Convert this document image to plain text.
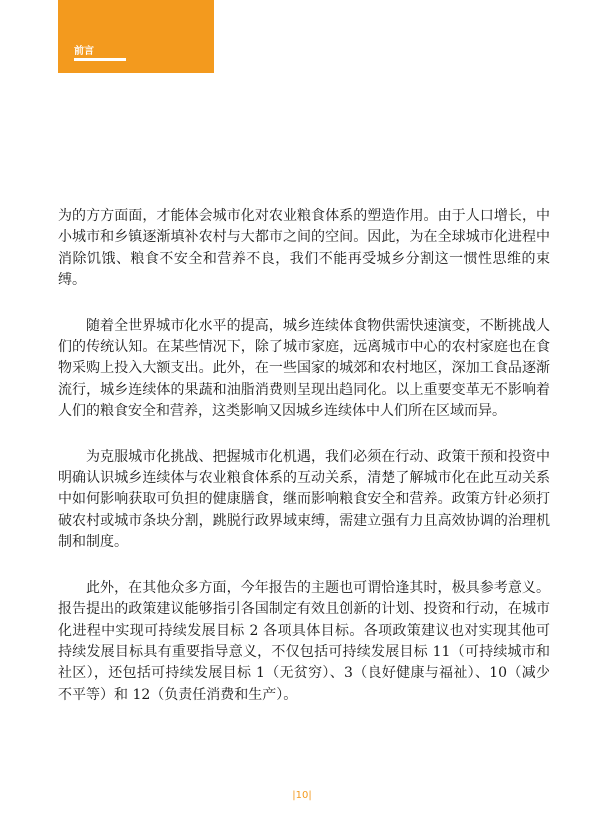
前言

为的方方面面，才能体会城市化对农业粮食体系的塑造作用。由于人口增长，中小城市和乡镇逐渐填补农村与大都市之间的空间。因此，为在全球城市化进程中消除饥饿、粮食不安全和营养不良，我们不能再受城乡分割这一惯性思维的束缚。

随着全世界城市化水平的提高，城乡连续体食物供需快速演变，不断挑战人们的传统认知。在某些情况下，除了城市家庭，远离城市中心的农村家庭也在食物采购上投入大额支出。此外，在一些国家的城郊和农村地区，深加工食品逐渐流行，城乡连续体的果蔬和油脂消费则呈现出趋同化。以上重要变革无不影响着人们的粮食安全和营养，这类影响又因城乡连续体中人们所在区域而异。

为克服城市化挑战、把握城市化机遇，我们必须在行动、政策干预和投资中明确认识城乡连续体与农业粮食体系的互动关系，清楚了解城市化在此互动关系中如何影响获取可负担的健康膳食，继而影响粮食安全和营养。政策方针必须打破农村或城市条块分割，跳脱行政界域束缚，需建立强有力且高效协调的治理机制和制度。

此外，在其他众多方面，今年报告的主题也可谓恰逢其时，极具参考意义。报告提出的政策建议能够指引各国制定有效且创新的计划、投资和行动，在城市化进程中实现可持续发展目标 2 各项具体目标。各项政策建议也对实现其他可持续发展目标具有重要指导意义，不仅包括可持续发展目标 11（可持续城市和社区），还包括可持续发展目标 1（无贫穷）、3（良好健康与福祉）、10（减少不平等）和 12（负责任消费和生产）。

|10|
